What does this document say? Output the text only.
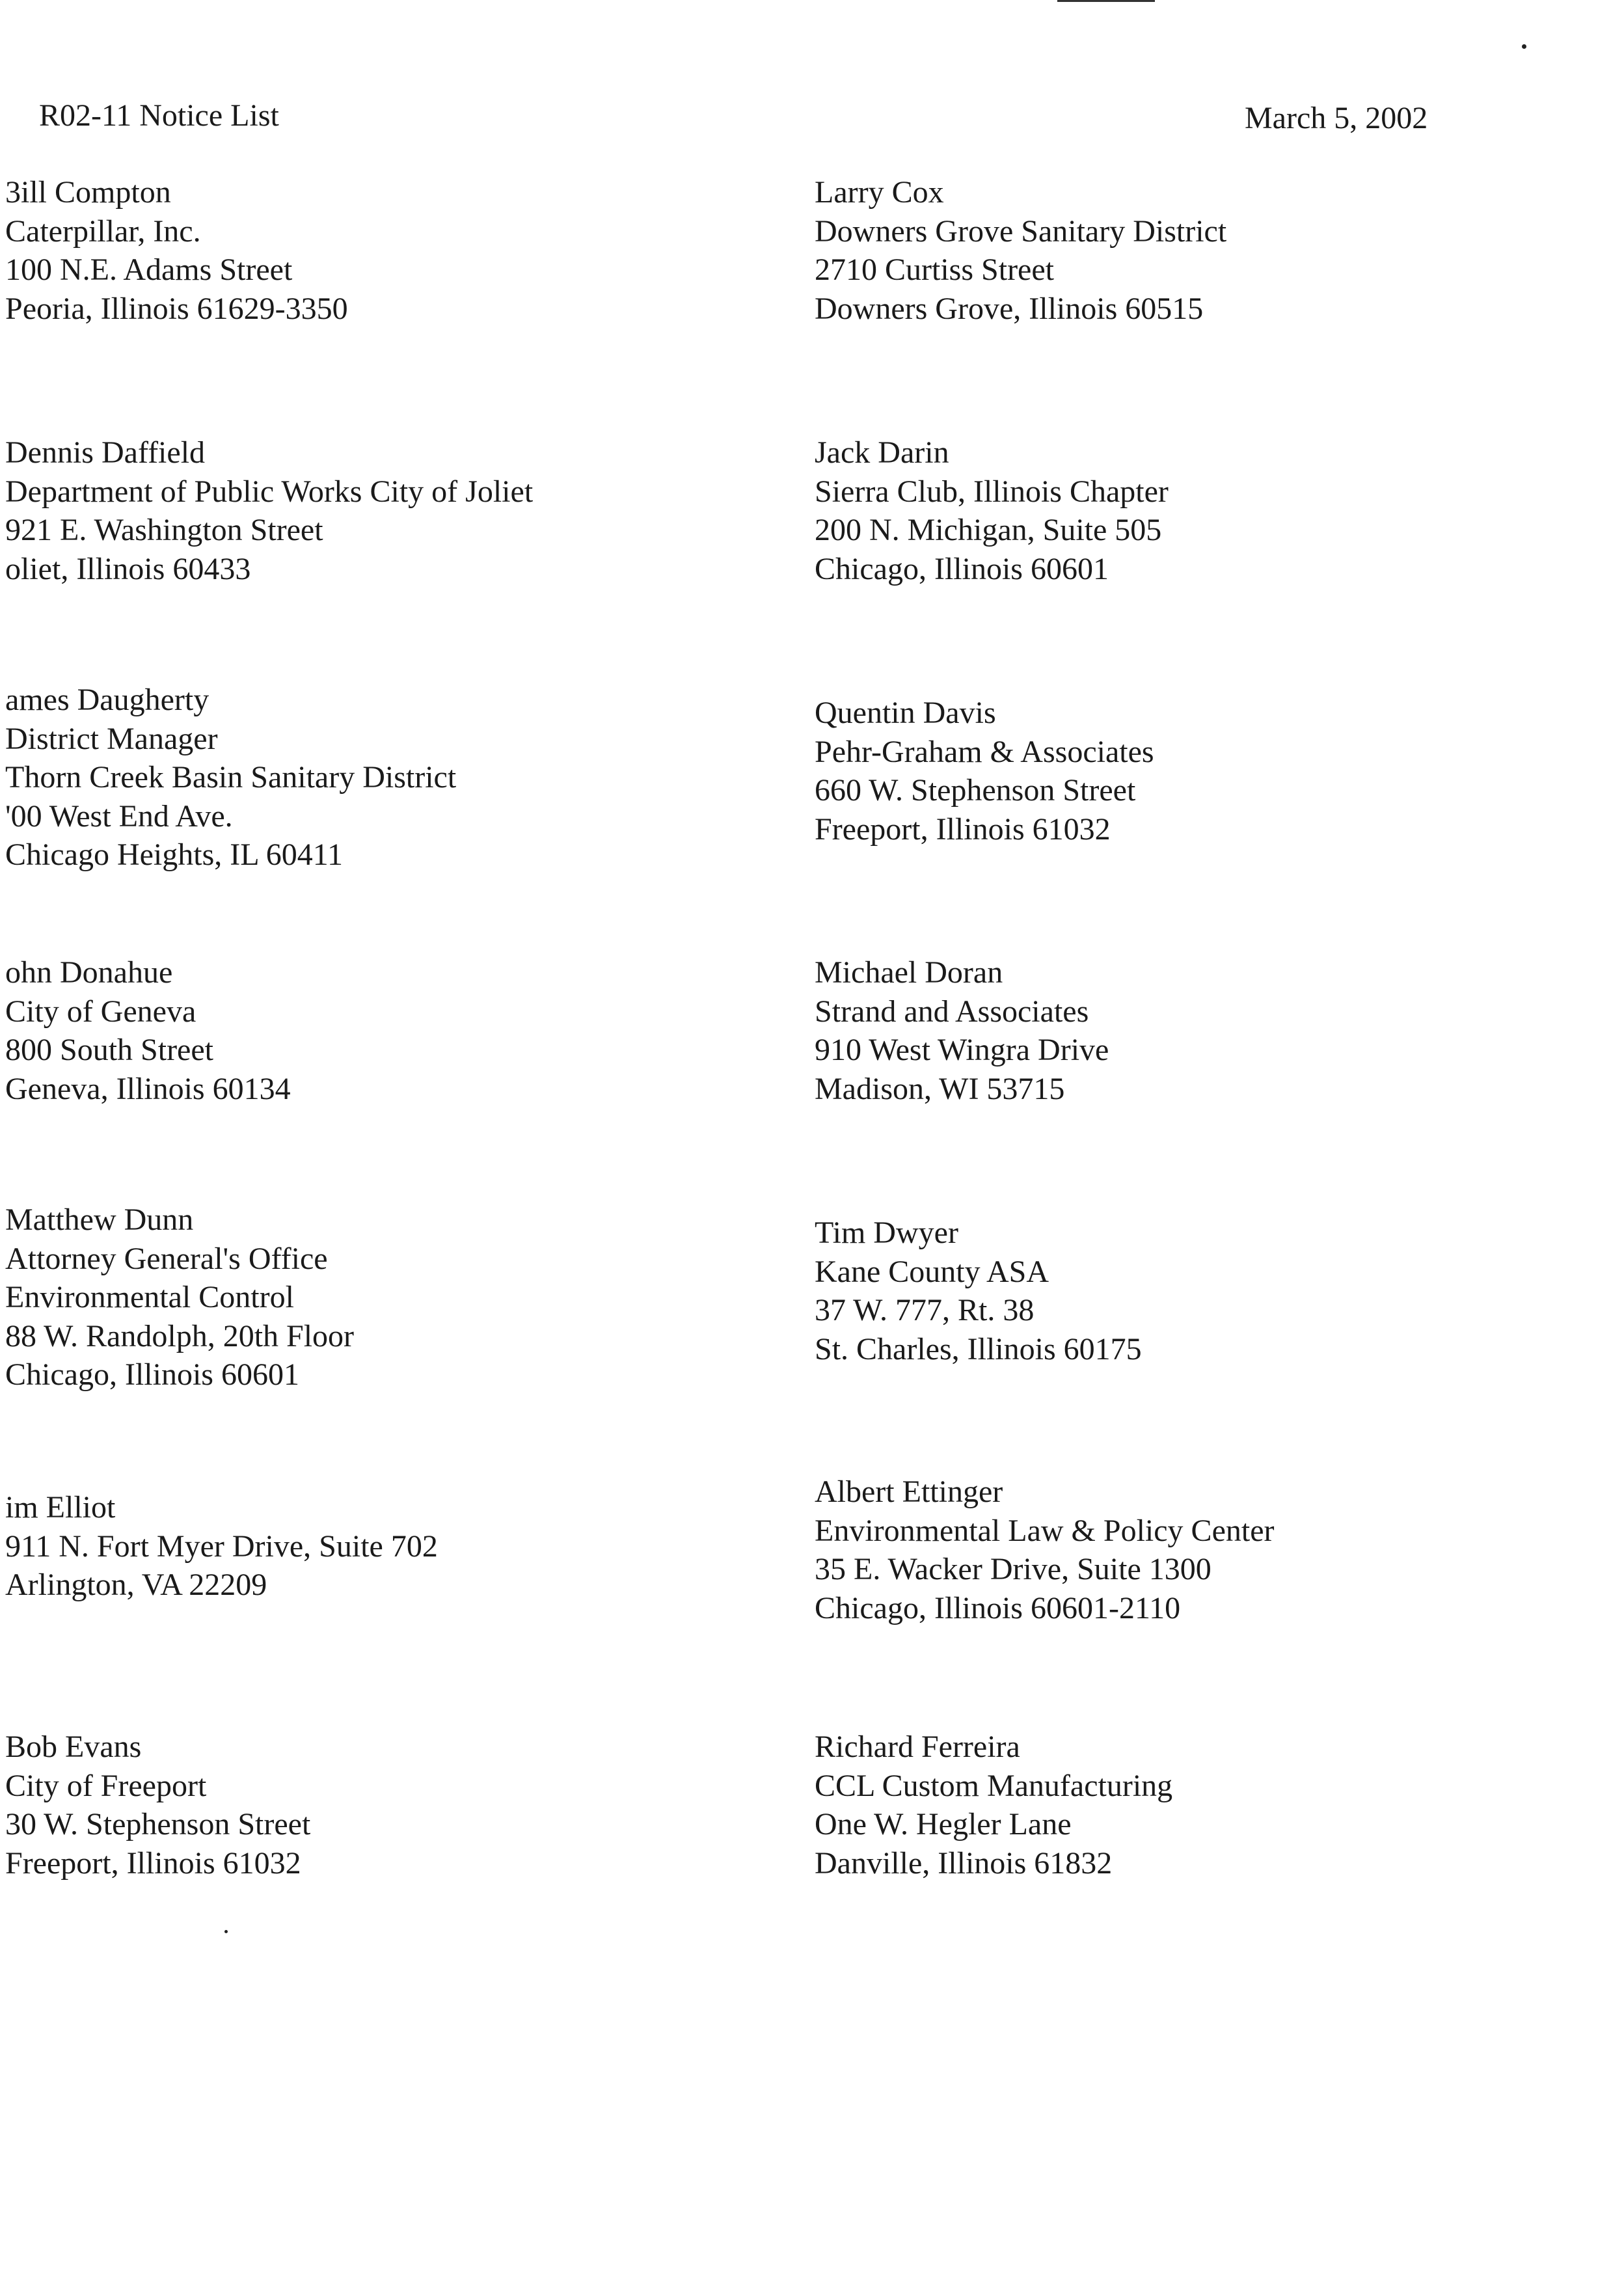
R02-11 Notice List	March 5, 2002
3ill Compton
Caterpillar, Inc.
100 N.E. Adams Street
Peoria, Illinois 61629-3350
Dennis Daffield
Department of Public Works City of Joliet
921 E. Washington Street
oliet, Illinois 60433
ames Daugherty
District Manager
Thorn Creek Basin Sanitary District
'00 West End Ave.
Chicago Heights, IL 60411
ohn Donahue
City of Geneva
800 South Street
Geneva, Illinois 60134
Matthew Dunn
Attorney General's Office
Environmental Control
88 W. Randolph, 20th Floor
Chicago, Illinois 60601
im Elliot
911 N. Fort Myer Drive, Suite 702
Arlington, VA 22209
Bob Evans
City of Freeport
30 W. Stephenson Street
Freeport, Illinois 61032
Larry Cox
Downers Grove Sanitary District
2710 Curtiss Street
Downers Grove, Illinois 60515
Jack Darin
Sierra Club, Illinois Chapter
200 N. Michigan, Suite 505
Chicago, Illinois 60601
Quentin Davis
Pehr-Graham & Associates
660 W. Stephenson Street
Freeport, Illinois 61032
Michael Doran
Strand and Associates
910 West Wingra Drive
Madison, WI 53715
Tim Dwyer
Kane County ASA
37 W. 777, Rt. 38
St. Charles, Illinois 60175
Albert Ettinger
Environmental Law & Policy Center
35 E. Wacker Drive, Suite 1300
Chicago, Illinois 60601-2110
Richard Ferreira
CCL Custom Manufacturing
One W. Hegler Lane
Danville, Illinois 61832
